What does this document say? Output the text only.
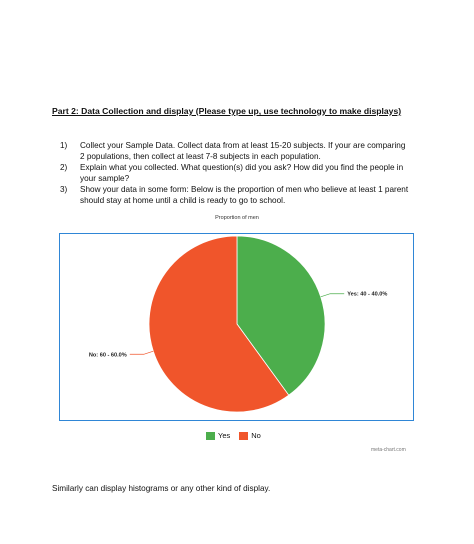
Part 2: Data Collection and display (Please type up, use technology to make displays)
1) Collect your Sample Data. Collect data from at least 15-20 subjects. If your are comparing 2 populations, then collect at least 7-8 subjects in each population.
2) Explain what you collected. What question(s) did you ask? How did you find the people in your sample?
3) Show your data in some form: Below is the proportion of men who believe at least 1 parent should stay at home until a child is ready to go to school.
Proportion of men
Yes: 40 - 40.0%
No: 60 - 60.0%
Yes	No
meta-chart.com
Similarly can display histograms or any other kind of display.
